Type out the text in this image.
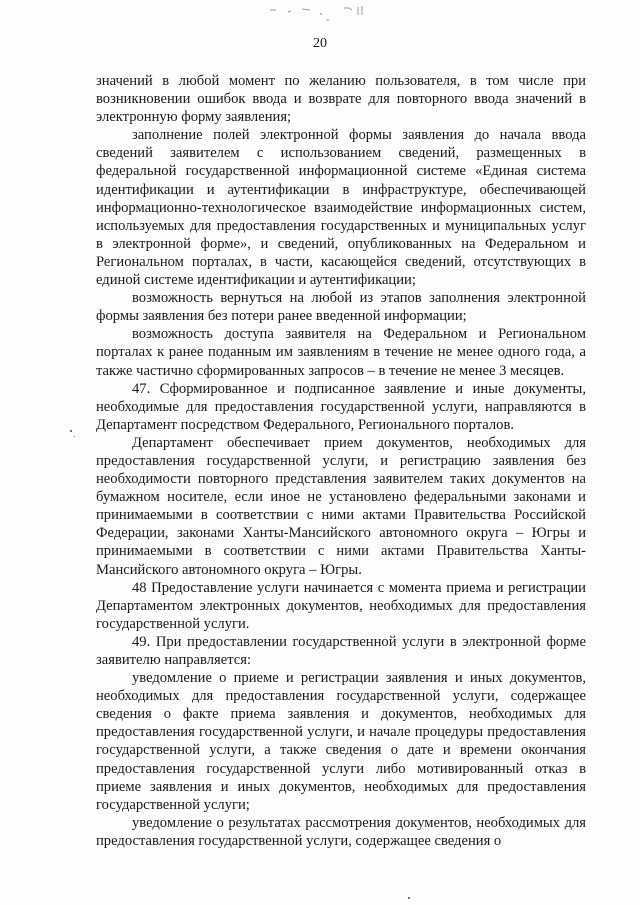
20

значений в любой момент по желанию пользователя, в том числе при возникновении ошибок ввода и возврате для повторного ввода значений в электронную форму заявления;

заполнение полей электронной формы заявления до начала ввода сведений заявителем с использованием сведений, размещенных в федеральной государственной информационной системе «Единая система идентификации и аутентификации в инфраструктуре, обеспечивающей информационно-технологическое взаимодействие информационных систем, используемых для предоставления государственных и муниципальных услуг в электронной форме», и сведений, опубликованных на Федеральном и Региональном порталах, в части, касающейся сведений, отсутствующих в единой системе идентификации и аутентификации;

возможность вернуться на любой из этапов заполнения электронной формы заявления без потери ранее введенной информации;

возможность доступа заявителя на Федеральном и Региональном порталах к ранее поданным им заявлениям в течение не менее одного года, а также частично сформированных запросов – в течение не менее 3 месяцев.

47. Сформированное и подписанное заявление и иные документы, необходимые для предоставления государственной услуги, направляются в Департамент посредством Федерального, Регионального порталов.

Департамент обеспечивает прием документов, необходимых для предоставления государственной услуги, и регистрацию заявления без необходимости повторного представления заявителем таких документов на бумажном носителе, если иное не установлено федеральными законами и принимаемыми в соответствии с ними актами Правительства Российской Федерации, законами Ханты-Мансийского автономного округа – Югры и принимаемыми в соответствии с ними актами Правительства Ханты-Мансийского автономного округа – Югры.

48 Предоставление услуги начинается с момента приема и регистрации Департаментом электронных документов, необходимых для предоставления государственной услуги.

49. При предоставлении государственной услуги в электронной форме заявителю направляется:

уведомление о приеме и регистрации заявления и иных документов, необходимых для предоставления государственной услуги, содержащее сведения о факте приема заявления и документов, необходимых для предоставления государственной услуги, и начале процедуры предоставления государственной услуги, а также сведения о дате и времени окончания предоставления государственной услуги либо мотивированный отказ в приеме заявления и иных документов, необходимых для предоставления государственной услуги;

уведомление о результатах рассмотрения документов, необходимых для предоставления государственной услуги, содержащее сведения о
